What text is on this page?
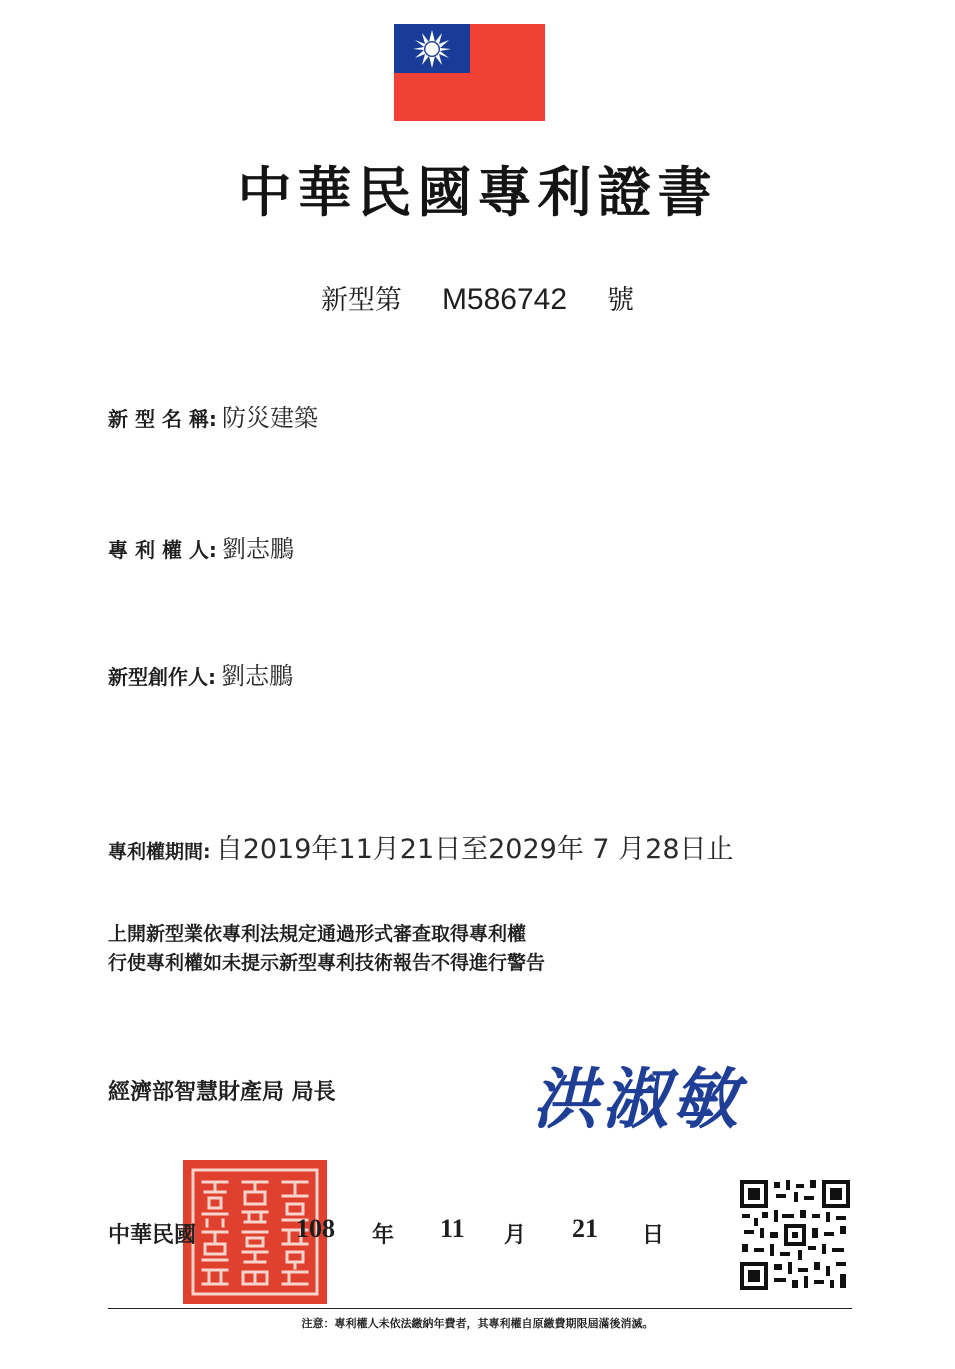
中華民國專利證書
新型第 M586742 號
新 型 名 稱: 防災建築
專 利 權 人: 劉志鵬
新型創作人: 劉志鵬
專利權期間: 自2019年11月21日至2029年 7 月28日止
上開新型業依專利法規定通過形式審查取得專利權
行使專利權如未提示新型專利技術報告不得進行警告
經濟部智慧財產局 局長	洪淑敏
中華民國	108 年 11 月 21 日
注意：專利權人未依法繳納年費者，其專利權自原繳費期限屆滿後消滅。
